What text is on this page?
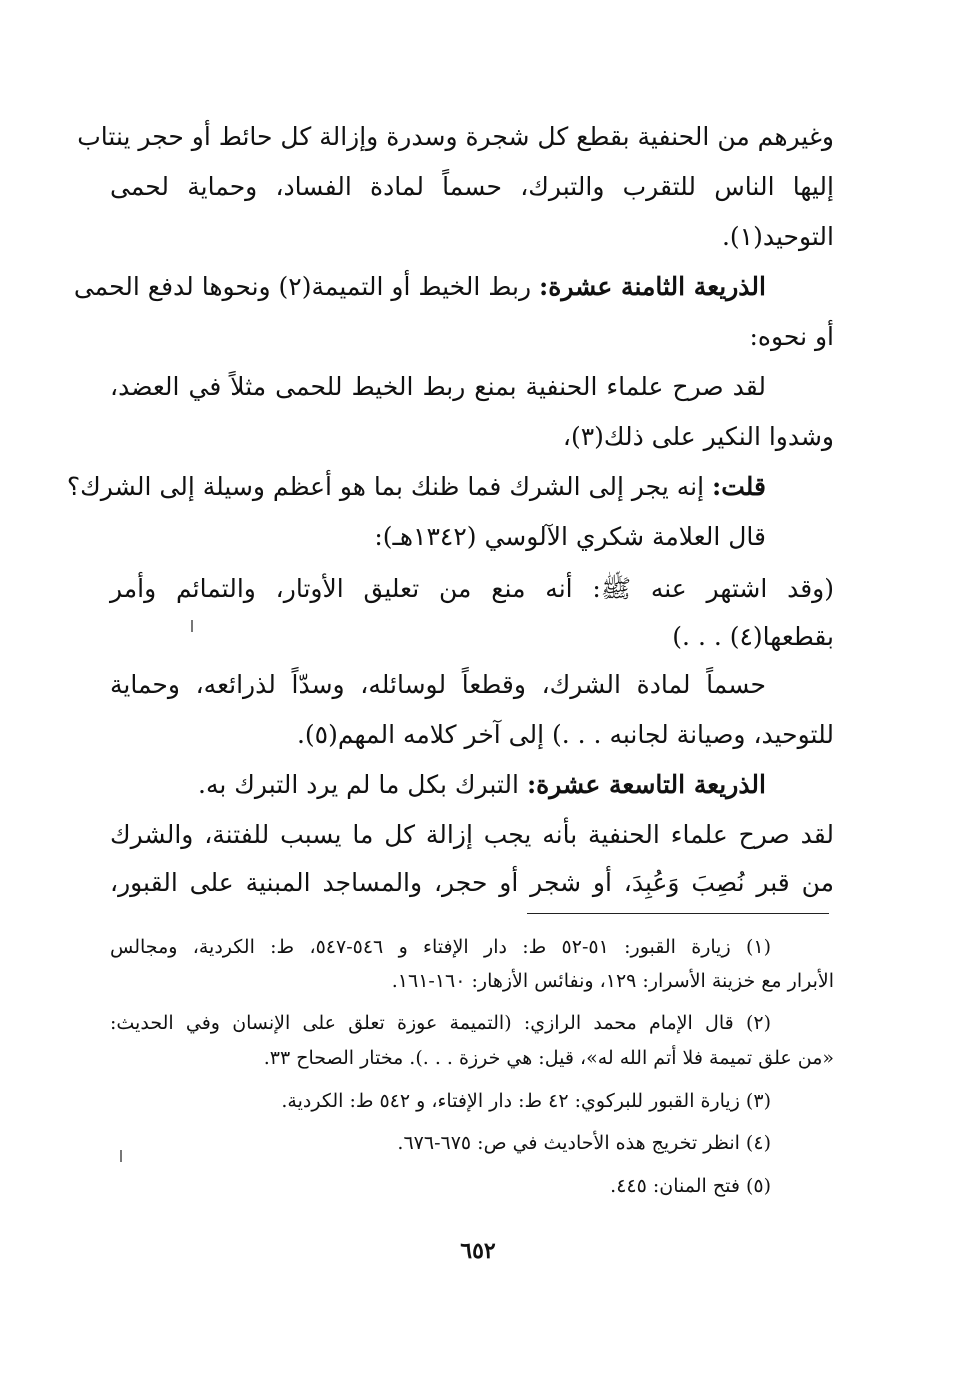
وغيرهم من الحنفية بقطع كل شجرة وسدرة وإزالة كل حائط أو حجر ينتاب
إليها الناس للتقرب والتبرك، حسماً لمادة الفساد، وحماية لحمى
التوحيد(١).
الذريعة الثامنة عشرة: ربط الخيط أو التميمة(٢) ونحوها لدفع الحمى
أو نحوه:
لقد صرح علماء الحنفية بمنع ربط الخيط للحمى مثلاً في العضد،
وشدوا النكير على ذلك(٣)،
قلت: إنه يجر إلى الشرك فما ظنك بما هو أعظم وسيلة إلى الشرك؟
قال العلامة شكري الآلوسي (١٣٤٢هـ):
(وقد اشتهر عنه ﷺ: أنه منع من تعليق الأوتار، والتمائم وأمر
بقطعها(٤) . . .)
حسماً لمادة الشرك، وقطعاً لوسائله، وسدّاً لذرائعه، وحماية
للتوحيد، وصيانة لجانبه . . .) إلى آخر كلامه المهم(٥).
الذريعة التاسعة عشرة: التبرك بكل ما لم يرد التبرك به.
لقد صرح علماء الحنفية بأنه يجب إزالة كل ما يسبب للفتنة، والشرك
من قبر نُصِبَ وَعُبِدَ، أو شجر أو حجر، والمساجد المبنية على القبور،
(١) زيارة القبور: ٥١-٥٢ ط: دار الإفتاء و ٥٤٦-٥٤٧، ط: الكردية، ومجالس
الأبرار مع خزينة الأسرار: ١٢٩، ونفائس الأزهار: ١٦٠-١٦١.
(٢) قال الإمام محمد الرازي: (التميمة عوزة تعلق على الإنسان وفي الحديث:
«من علق تميمة فلا أتم الله له»، قيل: هي خرزة . . .). مختار الصحاح ٣٣.
(٣) زيارة القبور للبركوي: ٤٢ ط: دار الإفتاء، و ٥٤٢ ط: الكردية.
(٤) انظر تخريج هذه الأحاديث في ص: ٦٧٥-٦٧٦.
(٥) فتح المنان: ٤٤٥.
٦٥٢
